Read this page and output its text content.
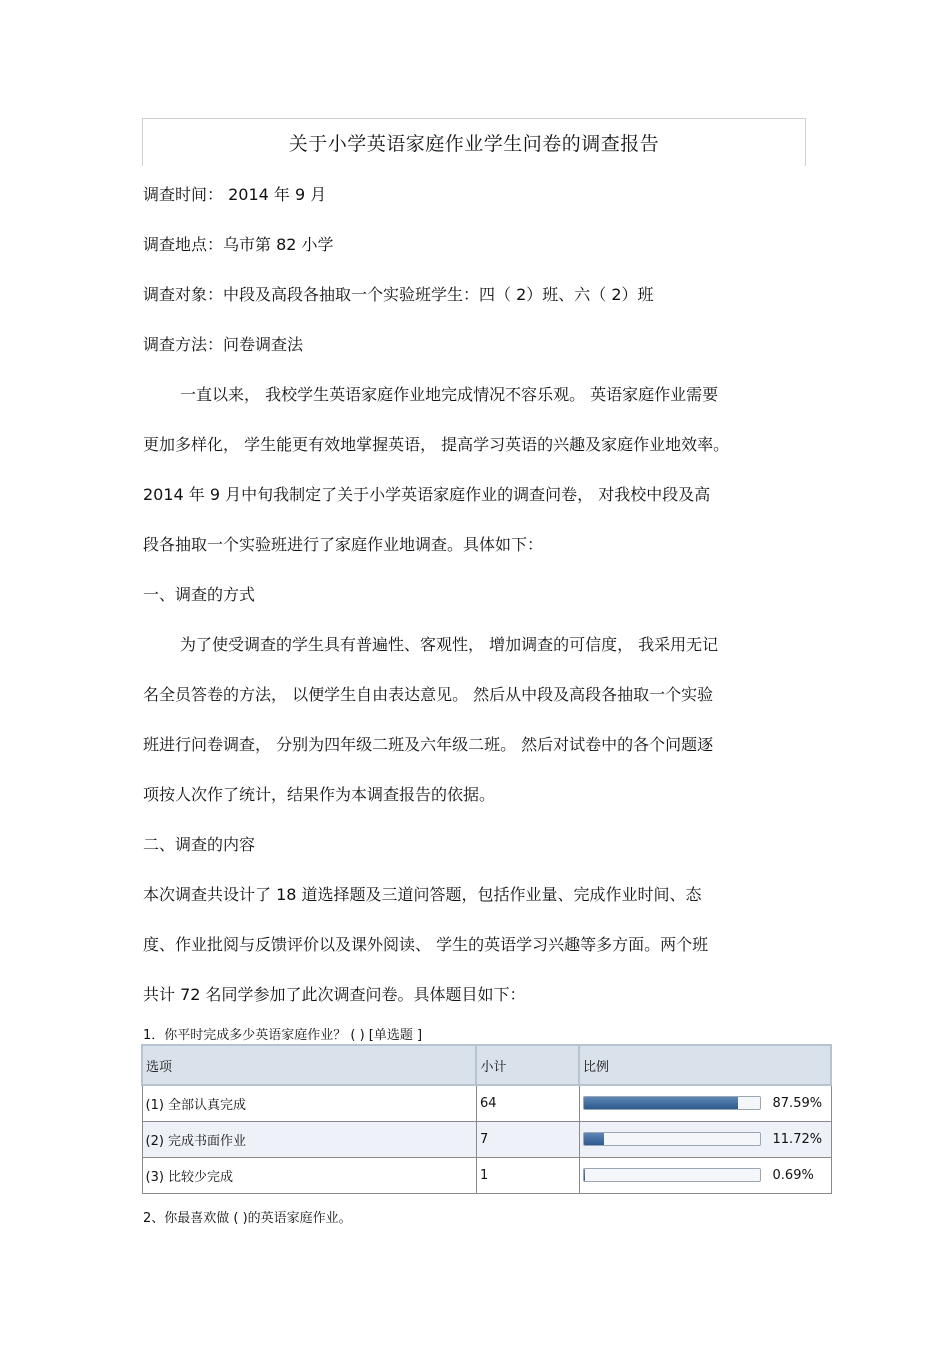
关于小学英语家庭作业学生问卷的调查报告
调查时间： 2014 年 9 月
调查地点：乌市第 82 小学
调查对象：中段及高段各抽取一个实验班学生：四（ 2）班、六（ 2）班
调查方法：问卷调查法
一直以来， 我校学生英语家庭作业地完成情况不容乐观。 英语家庭作业需要
更加多样化， 学生能更有效地掌握英语， 提高学习英语的兴趣及家庭作业地效率。
2014 年 9 月中旬我制定了关于小学英语家庭作业的调查问卷， 对我校中段及高
段各抽取一个实验班进行了家庭作业地调查。具体如下：
一、调查的方式
为了使受调查的学生具有普遍性、客观性， 增加调查的可信度， 我采用无记
名全员答卷的方法， 以便学生自由表达意见。 然后从中段及高段各抽取一个实验
班进行问卷调查， 分别为四年级二班及六年级二班。 然后对试卷中的各个问题逐
项按人次作了统计，结果作为本调查报告的依据。
二、调查的内容
本次调查共设计了 18 道选择题及三道问答题，包括作业量、完成作业时间、态
度、作业批阅与反馈评价以及课外阅读、 学生的英语学习兴趣等多方面。两个班
共计 72 名同学参加了此次调查问卷。具体题目如下：
1．你平时完成多少英语家庭作业？ ( ) [单选题 ]
选项	小计	比例
(1) 全部认真完成	64	87.59%

(2) 完成书面作业	7	11.72%

(3) 比较少完成	1	0.69%
2、你最喜欢做 ( )的英语家庭作业。
